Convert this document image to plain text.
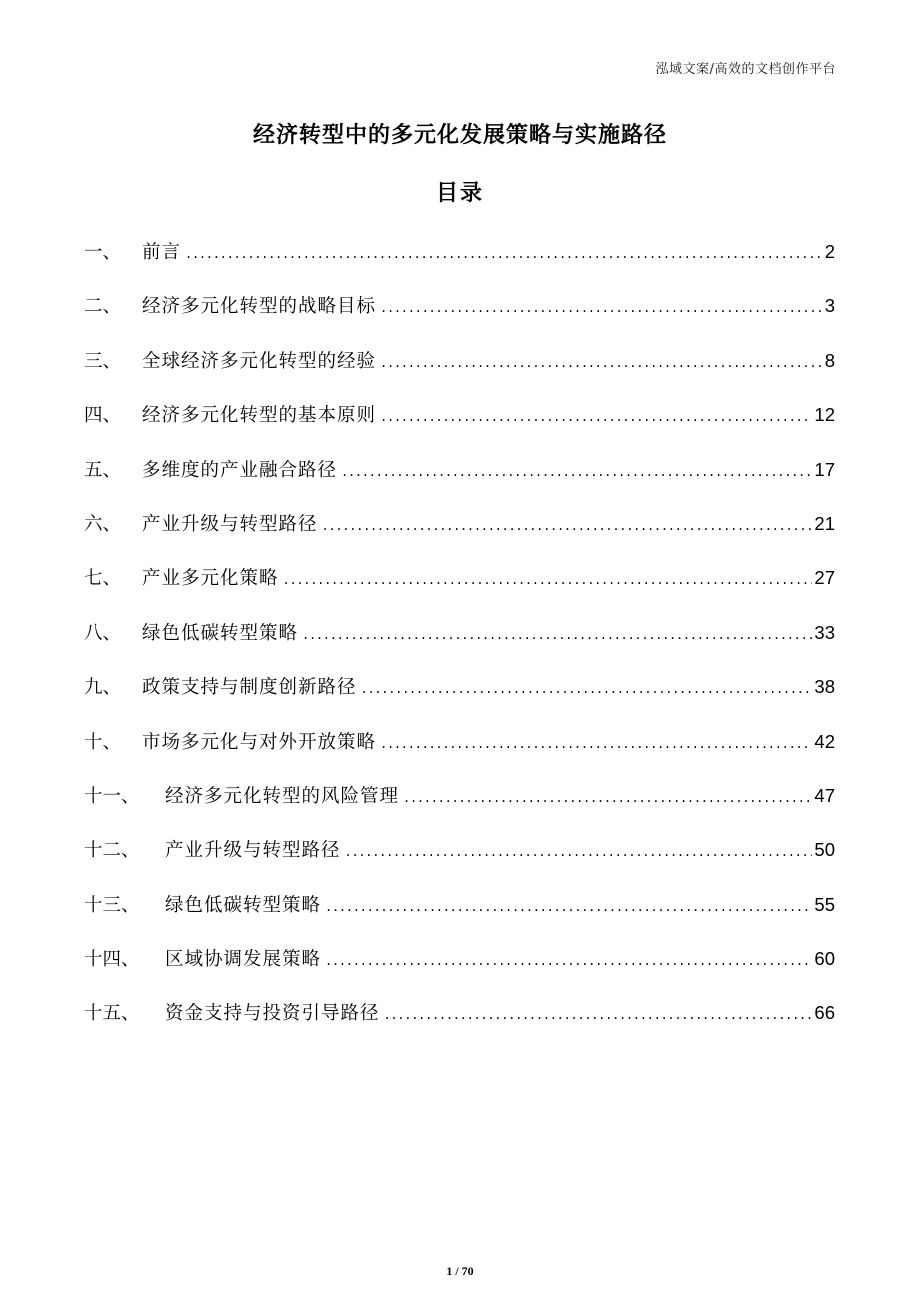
泓域文案/高效的文档创作平台
经济转型中的多元化发展策略与实施路径
目录
一、	前言 .....	2
二、	经济多元化转型的战略目标 .....	3
三、	全球经济多元化转型的经验 .....	8
四、	经济多元化转型的基本原则 .....	12
五、	多维度的产业融合路径 .....	17
六、	产业升级与转型路径 .....	21
七、	产业多元化策略 .....	27
八、	绿色低碳转型策略 .....	33
九、	政策支持与制度创新路径 .....	38
十、	市场多元化与对外开放策略 .....	42
十一、	经济多元化转型的风险管理 .....	47
十二、	产业升级与转型路径 .....	50
十三、	绿色低碳转型策略 .....	55
十四、	区域协调发展策略 .....	60
十五、	资金支持与投资引导路径 .....	66
1 / 70
